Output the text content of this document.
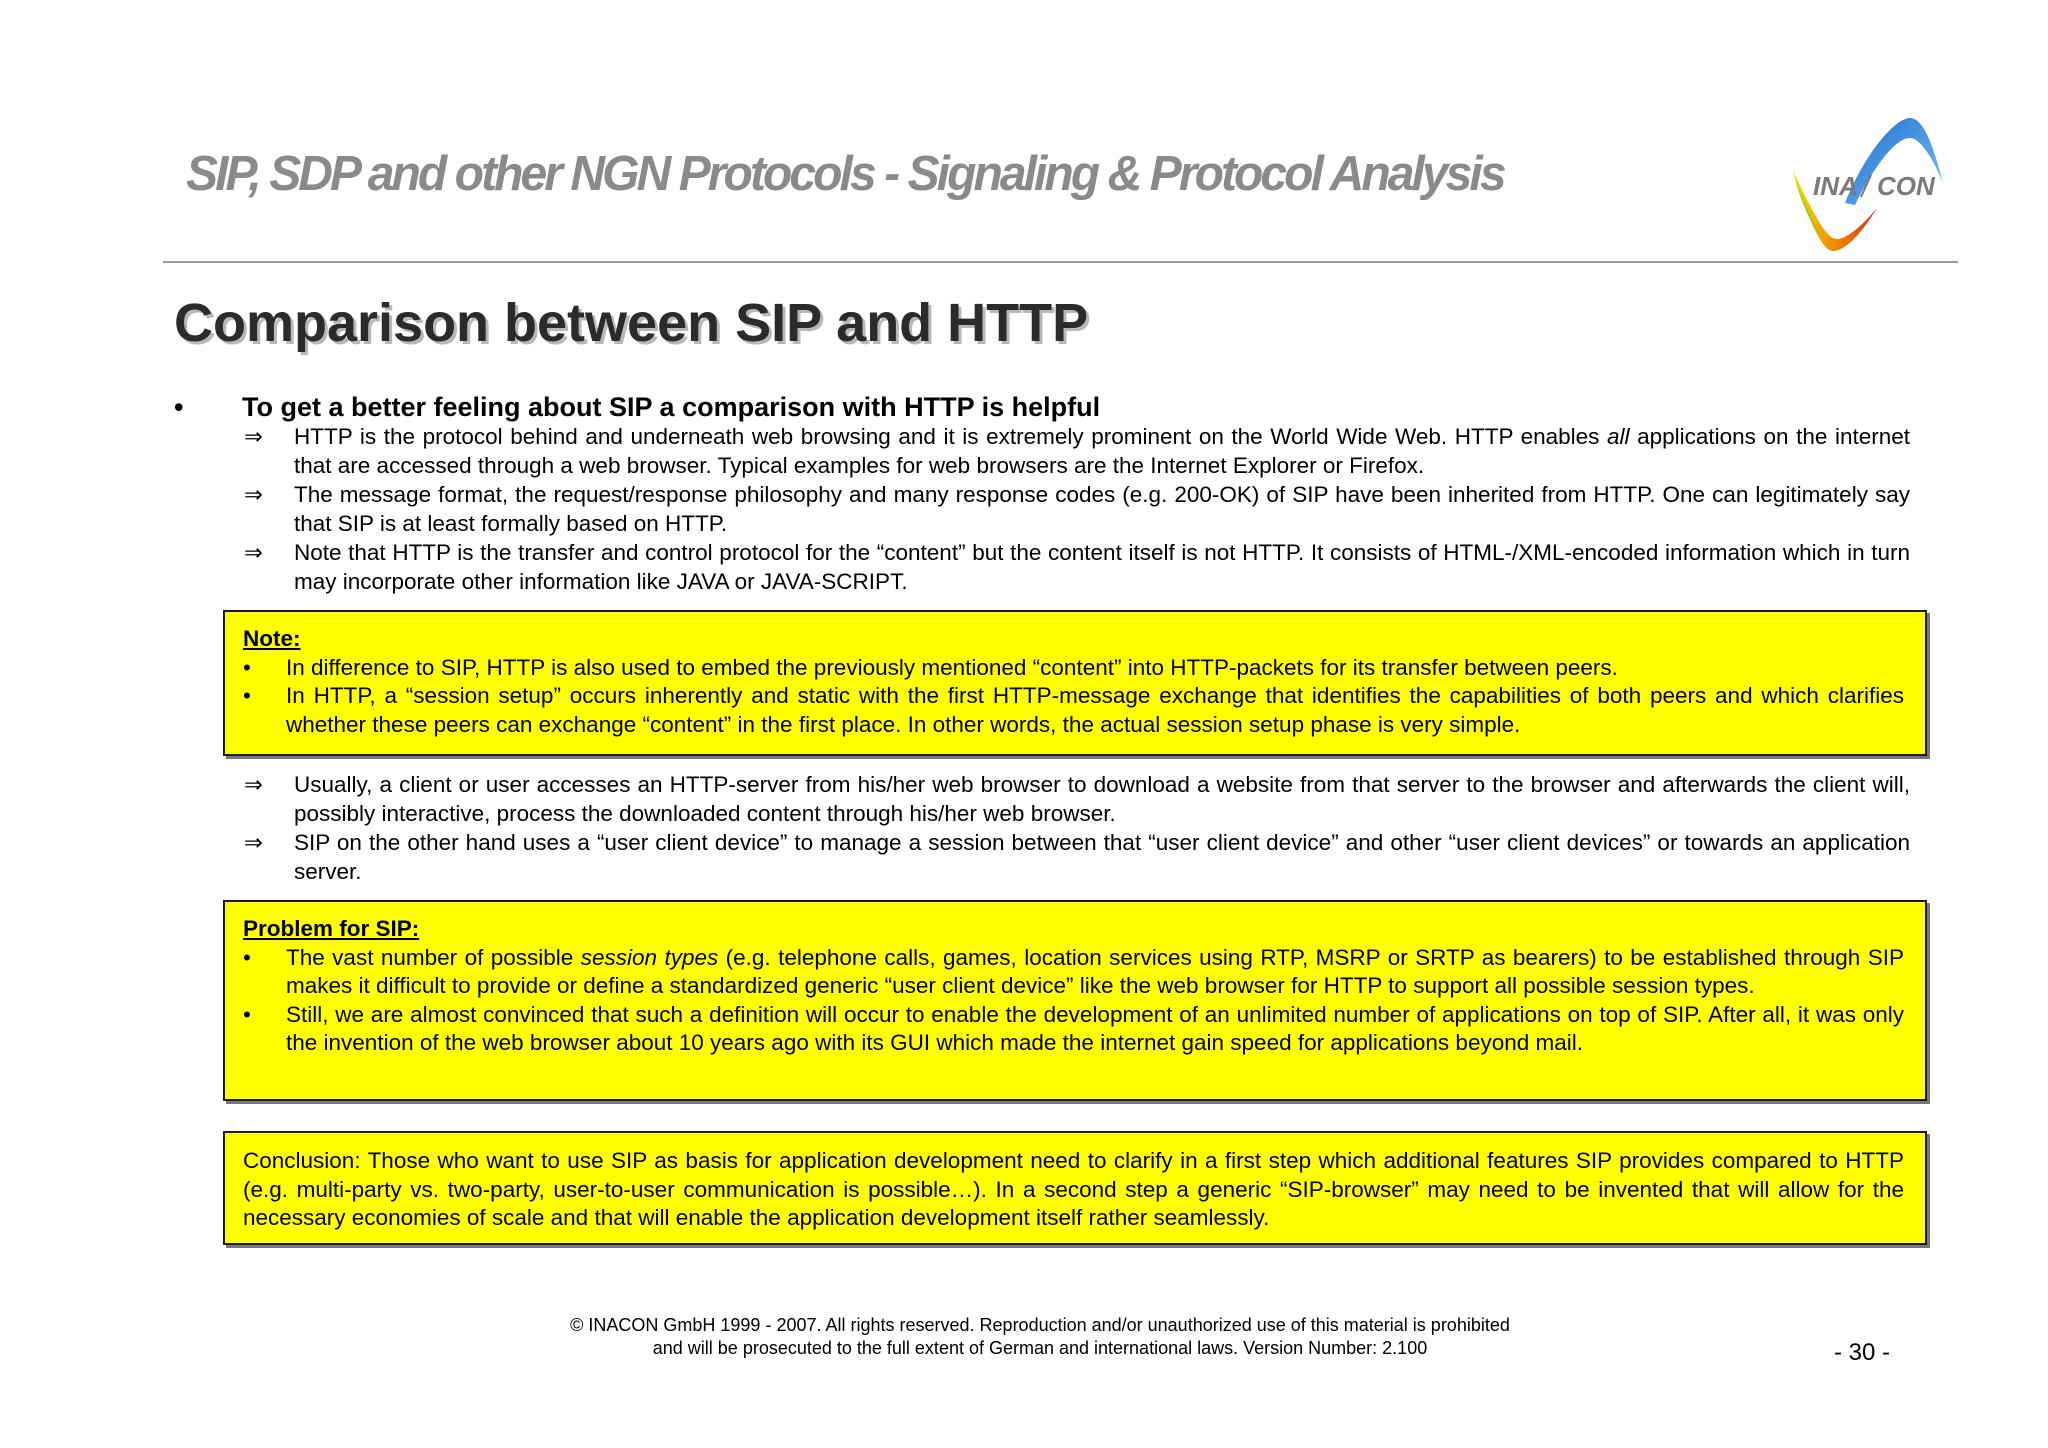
SIP, SDP and other NGN Protocols - Signaling & Protocol Analysis	INA CON
Comparison between SIP and HTTP
• To get a better feeling about SIP a comparison with HTTP is helpful
⇒ HTTP is the protocol behind and underneath web browsing and it is extremely prominent on the World Wide Web. HTTP enables all applications on the internet that are accessed through a web browser. Typical examples for web browsers are the Internet Explorer or Firefox.
⇒ The message format, the request/response philosophy and many response codes (e.g. 200-OK) of SIP have been inherited from HTTP. One can legitimately say that SIP is at least formally based on HTTP.
⇒ Note that HTTP is the transfer and control protocol for the “content” but the content itself is not HTTP. It consists of HTML-/XML-encoded information which in turn may incorporate other information like JAVA or JAVA-SCRIPT.
Note:
• In difference to SIP, HTTP is also used to embed the previously mentioned “content” into HTTP-packets for its transfer between peers.
• In HTTP, a “session setup” occurs inherently and static with the first HTTP-message exchange that identifies the capabilities of both peers and which clarifies whether these peers can exchange “content” in the first place. In other words, the actual session setup phase is very simple.
⇒ Usually, a client or user accesses an HTTP-server from his/her web browser to download a website from that server to the browser and afterwards the client will, possibly interactive, process the downloaded content through his/her web browser.
⇒ SIP on the other hand uses a “user client device” to manage a session between that “user client device” and other “user client devices” or towards an application server.
Problem for SIP:
• The vast number of possible session types (e.g. telephone calls, games, location services using RTP, MSRP or SRTP as bearers) to be established through SIP makes it difficult to provide or define a standardized generic “user client device” like the web browser for HTTP to support all possible session types.
• Still, we are almost convinced that such a definition will occur to enable the development of an unlimited number of applications on top of SIP. After all, it was only the invention of the web browser about 10 years ago with its GUI which made the internet gain speed for applications beyond mail.
Conclusion: Those who want to use SIP as basis for application development need to clarify in a first step which additional features SIP provides compared to HTTP (e.g. multi-party vs. two-party, user-to-user communication is possible…). In a second step a generic “SIP-browser” may need to be invented that will allow for the necessary economies of scale and that will enable the application development itself rather seamlessly.
© INACON GmbH 1999 - 2007. All rights reserved. Reproduction and/or unauthorized use of this material is prohibited
and will be prosecuted to the full extent of German and international laws. Version Number: 2.100	- 30 -
